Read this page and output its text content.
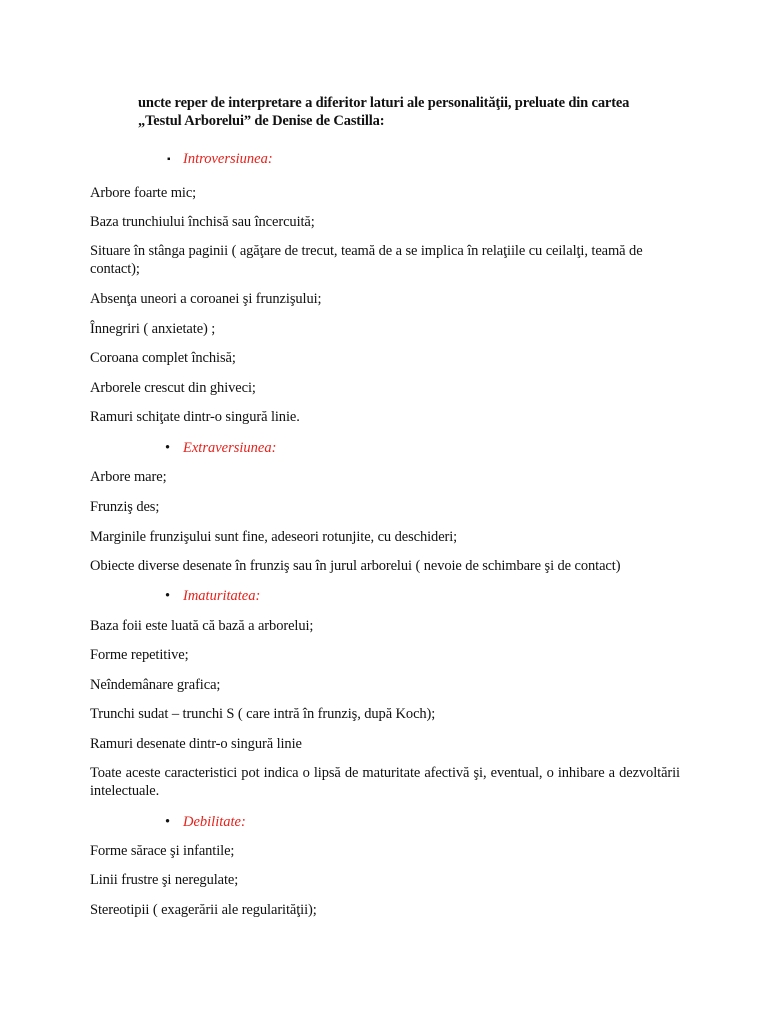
uncte reper de interpretare a diferitor laturi ale personalităţii, preluate din cartea
„Testul Arborelui” de Denise de Castilla:
▪ Introversiunea:
Arbore foarte mic;
Baza trunchiului închisă sau încercuită;
Situare în stânga paginii ( agăţare de trecut, teamă de a se implica în relaţiile cu ceilalţi, teamă de contact);
Absenţa uneori a coroanei şi frunzişului;
Înnegriri ( anxietate) ;
Coroana complet închisă;
Arborele crescut din ghiveci;
Ramuri schiţate dintr-o singură linie.
• Extraversiunea:
Arbore mare;
Frunziş des;
Marginile frunzişului sunt fine, adeseori rotunjite, cu deschideri;
Obiecte diverse desenate în frunziş sau în jurul arborelui ( nevoie de schimbare şi de contact)
• Imaturitatea:
Baza foii este luată că bază a arborelui;
Forme repetitive;
Neîndemânare grafica;
Trunchi sudat – trunchi S ( care intră în frunziş, după Koch);
Ramuri desenate dintr-o singură linie
Toate aceste caracteristici pot indica o lipsă de maturitate afectivă şi, eventual, o inhibare a dezvoltării intelectuale.
• Debilitate:
Forme sărace şi infantile;
Linii frustre şi neregulate;
Stereotipii ( exagerării ale regularităţii);
